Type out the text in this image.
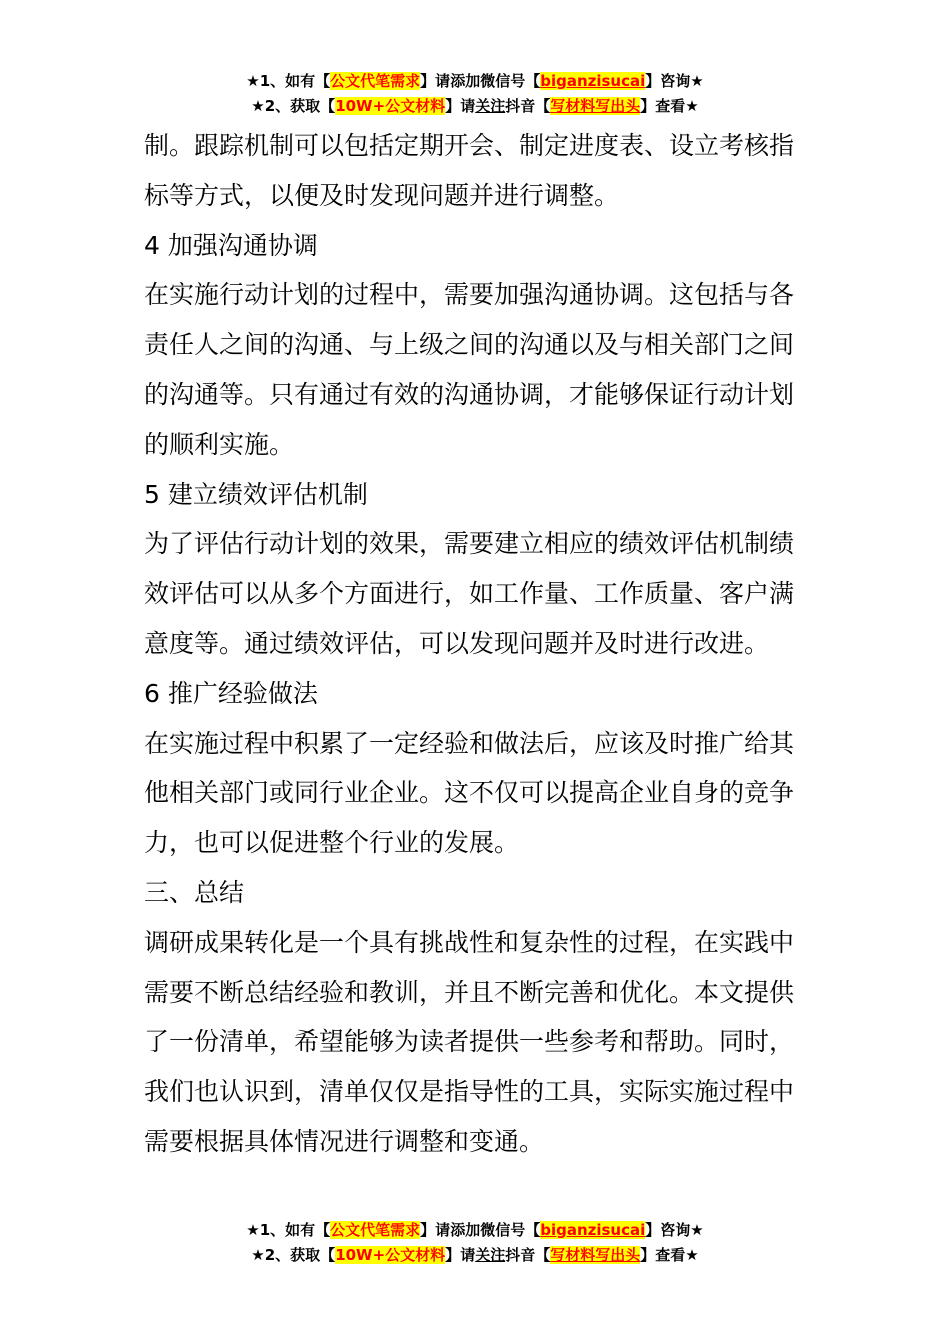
★1、如有【公文代笔需求】请添加微信号【biganzisucai】咨询★
★2、获取【10W+公文材料】请关注抖音【写材料写出头】查看★

制。跟踪机制可以包括定期开会、制定进度表、设立考核指标等方式，以便及时发现问题并进行调整。

4 加强沟通协调

在实施行动计划的过程中，需要加强沟通协调。这包括与各责任人之间的沟通、与上级之间的沟通以及与相关部门之间的沟通等。只有通过有效的沟通协调，才能够保证行动计划的顺利实施。

5 建立绩效评估机制

为了评估行动计划的效果，需要建立相应的绩效评估机制绩效评估可以从多个方面进行，如工作量、工作质量、客户满意度等。通过绩效评估，可以发现问题并及时进行改进。

6 推广经验做法

在实施过程中积累了一定经验和做法后，应该及时推广给其他相关部门或同行业企业。这不仅可以提高企业自身的竞争力，也可以促进整个行业的发展。

三、总结

调研成果转化是一个具有挑战性和复杂性的过程，在实践中需要不断总结经验和教训，并且不断完善和优化。本文提供了一份清单，希望能够为读者提供一些参考和帮助。同时，我们也认识到，清单仅仅是指导性的工具，实际实施过程中需要根据具体情况进行调整和变通。

★1、如有【公文代笔需求】请添加微信号【biganzisucai】咨询★
★2、获取【10W+公文材料】请关注抖音【写材料写出头】查看★
